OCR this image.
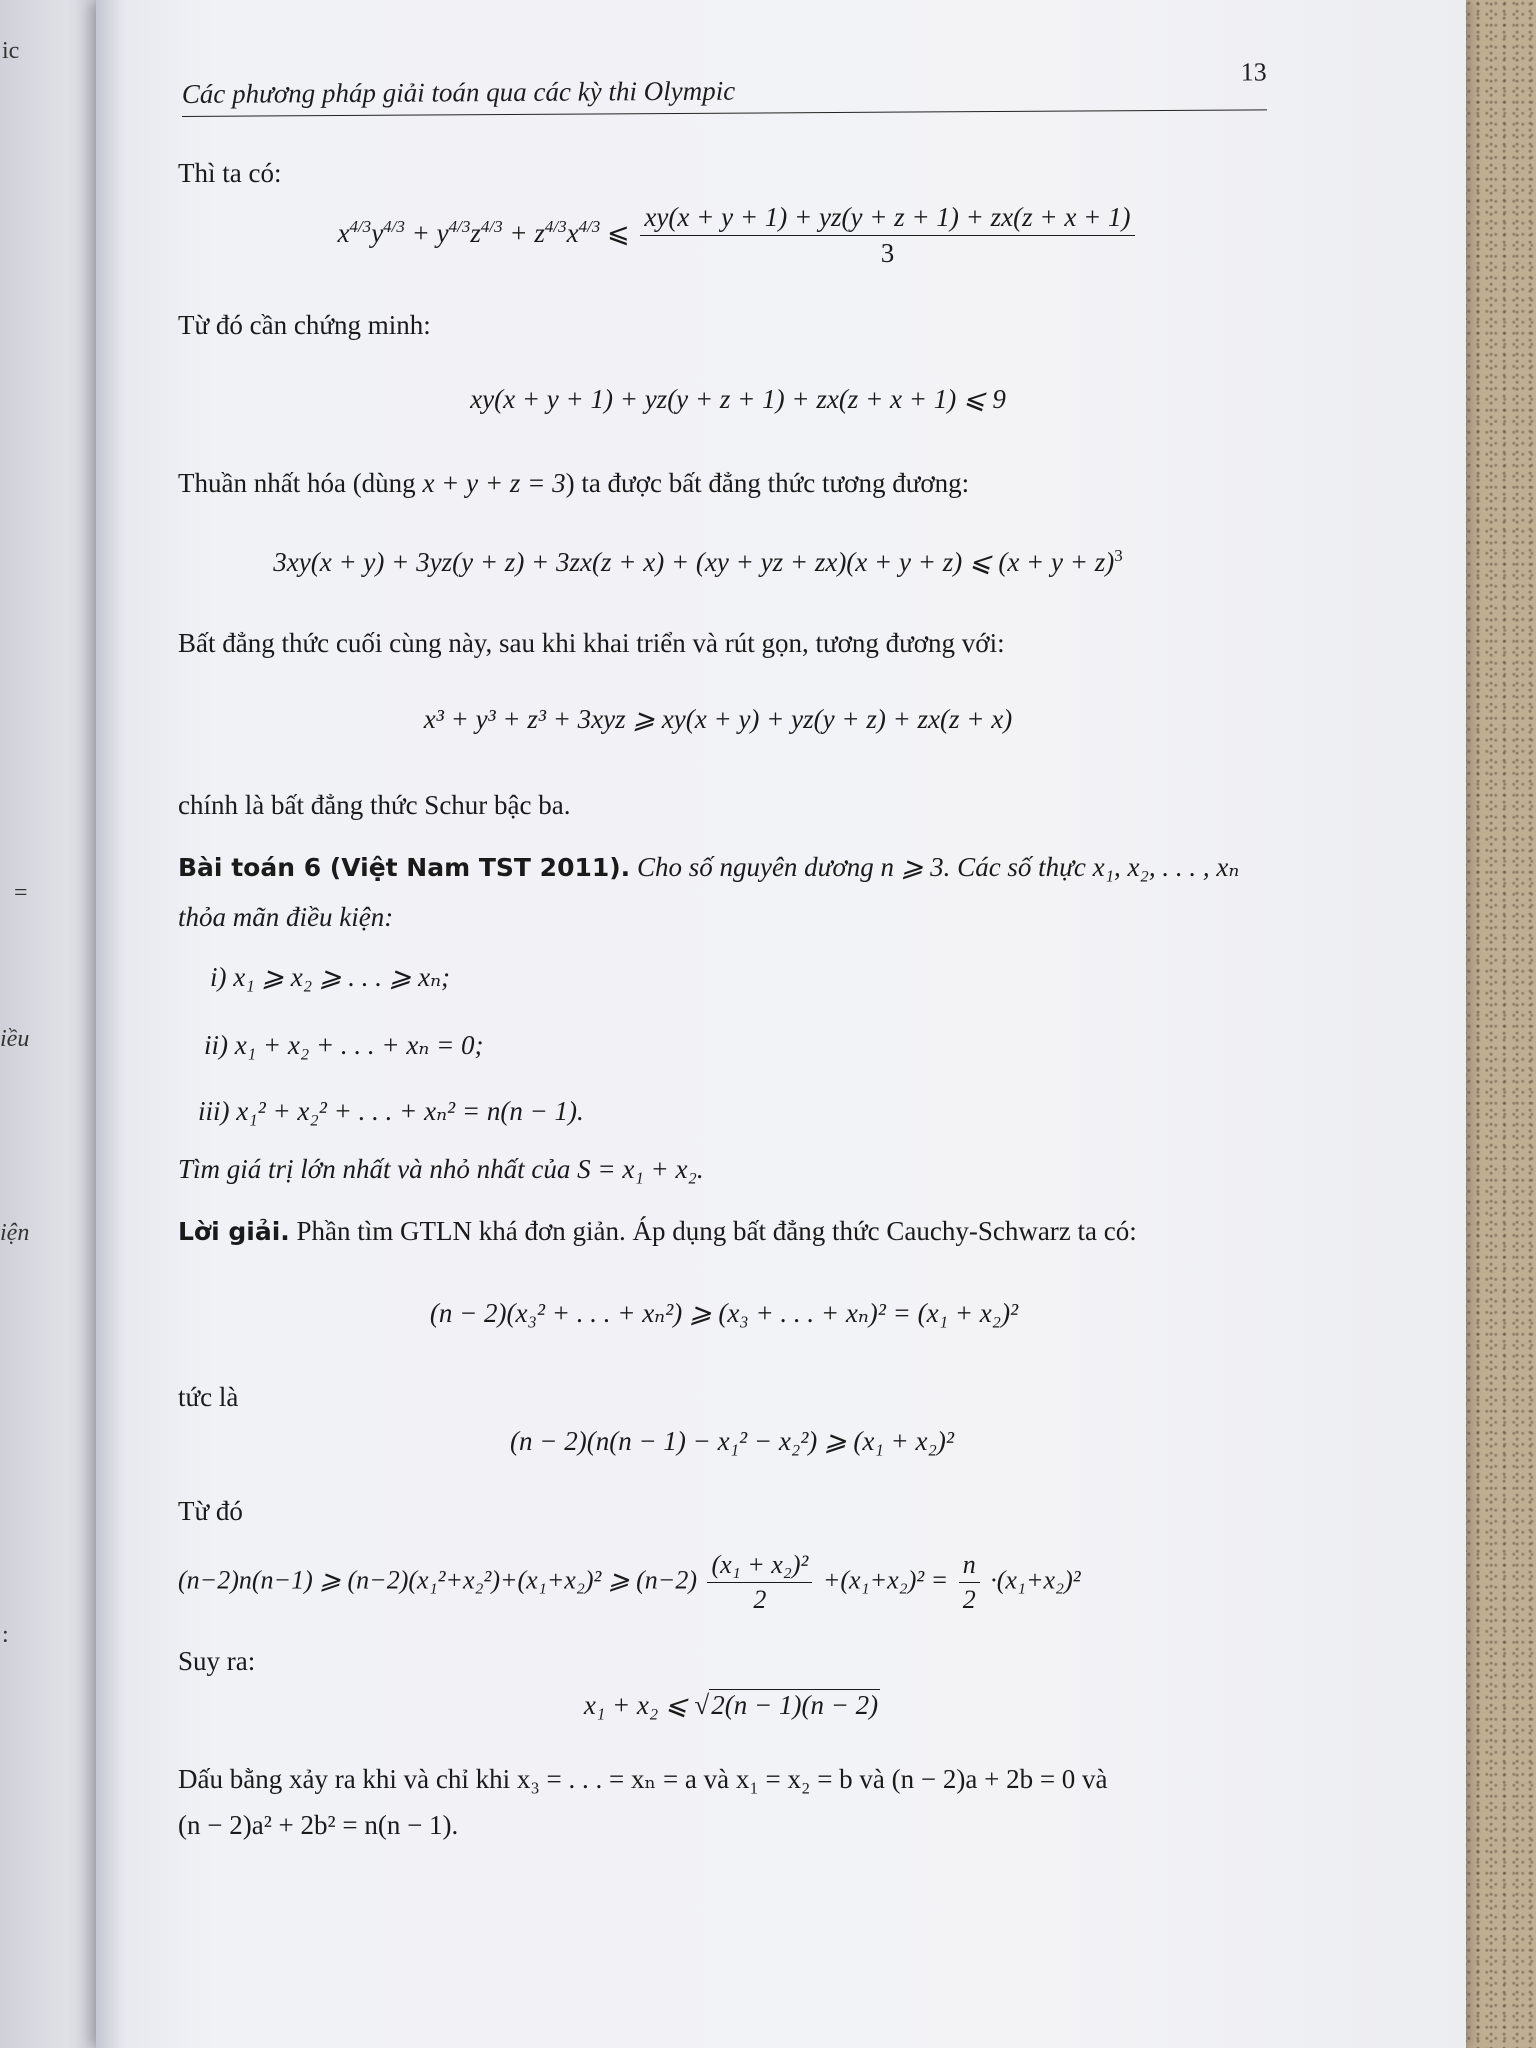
ic
=
iều
iện
:
Các phương pháp giải toán qua các kỳ thi Olympic
13
Thì ta có:
$x^{4/3}y^{4/3} + y^{4/3}z^{4/3} + z^{4/3}x^{4/3}$ ⩽ $\frac{xy(x + y + 1) + yz(y + z + 1) + zx(z + x + 1)}{3}$
Từ đó cần chứng minh:
xy(x + y + 1) + yz(y + z + 1) + zx(z + x + 1) ⩽ 9
Thuần nhất hóa (dùng x + y + z = 3) ta được bất đẳng thức tương đương:
3xy(x + y) + 3yz(y + z) + 3zx(z + x) + (xy + yz + zx)(x + y + z) ⩽ $(x + y + z)^3$
Bất đẳng thức cuối cùng này, sau khi khai triển và rút gọn, tương đương với:
x³ + y³ + z³ + 3xyz ⩾ xy(x + y) + yz(y + z) + zx(z + x)
chính là bất đẳng thức Schur bậc ba.
Bài toán 6 (Việt Nam TST 2011). Cho số nguyên dương n ⩾ 3. Các số thực x₁, x₂, . . . , xₙ
thỏa mãn điều kiện:
i) x₁ ⩾ x₂ ⩾ . . . ⩾ xₙ;
ii) x₁ + x₂ + . . . + xₙ = 0;
iii) x₁² + x₂² + . . . + xₙ² = n(n − 1).
Tìm giá trị lớn nhất và nhỏ nhất của S = x₁ + x₂.
Lời giải. Phần tìm GTLN khá đơn giản. Áp dụng bất đẳng thức Cauchy-Schwarz ta có:
(n − 2)(x₃² + . . . + xₙ²) ⩾ (x₃ + . . . + xₙ)² = (x₁ + x₂)²
tức là
(n − 2)(n(n − 1) − x₁² − x₂²) ⩾ (x₁ + x₂)²
Từ đó
(n−2)n(n−1) ⩾ (n−2)(x₁²+x₂²)+(x₁+x₂)² ⩾ $(n-2) \frac{\text{(x₁ + x₂)²}}{2} +(x_1+x_2)^2 = \frac{n}{2} \cdot(x_1+x_2)^2$
Suy ra:
x₁ + x₂ ⩽ √2(n − 1)(n − 2)
Dấu bằng xảy ra khi và chỉ khi x₃ = . . . = xₙ = a và x₁ = x₂ = b và (n − 2)a + 2b = 0 và
(n − 2)a² + 2b² = n(n − 1).
